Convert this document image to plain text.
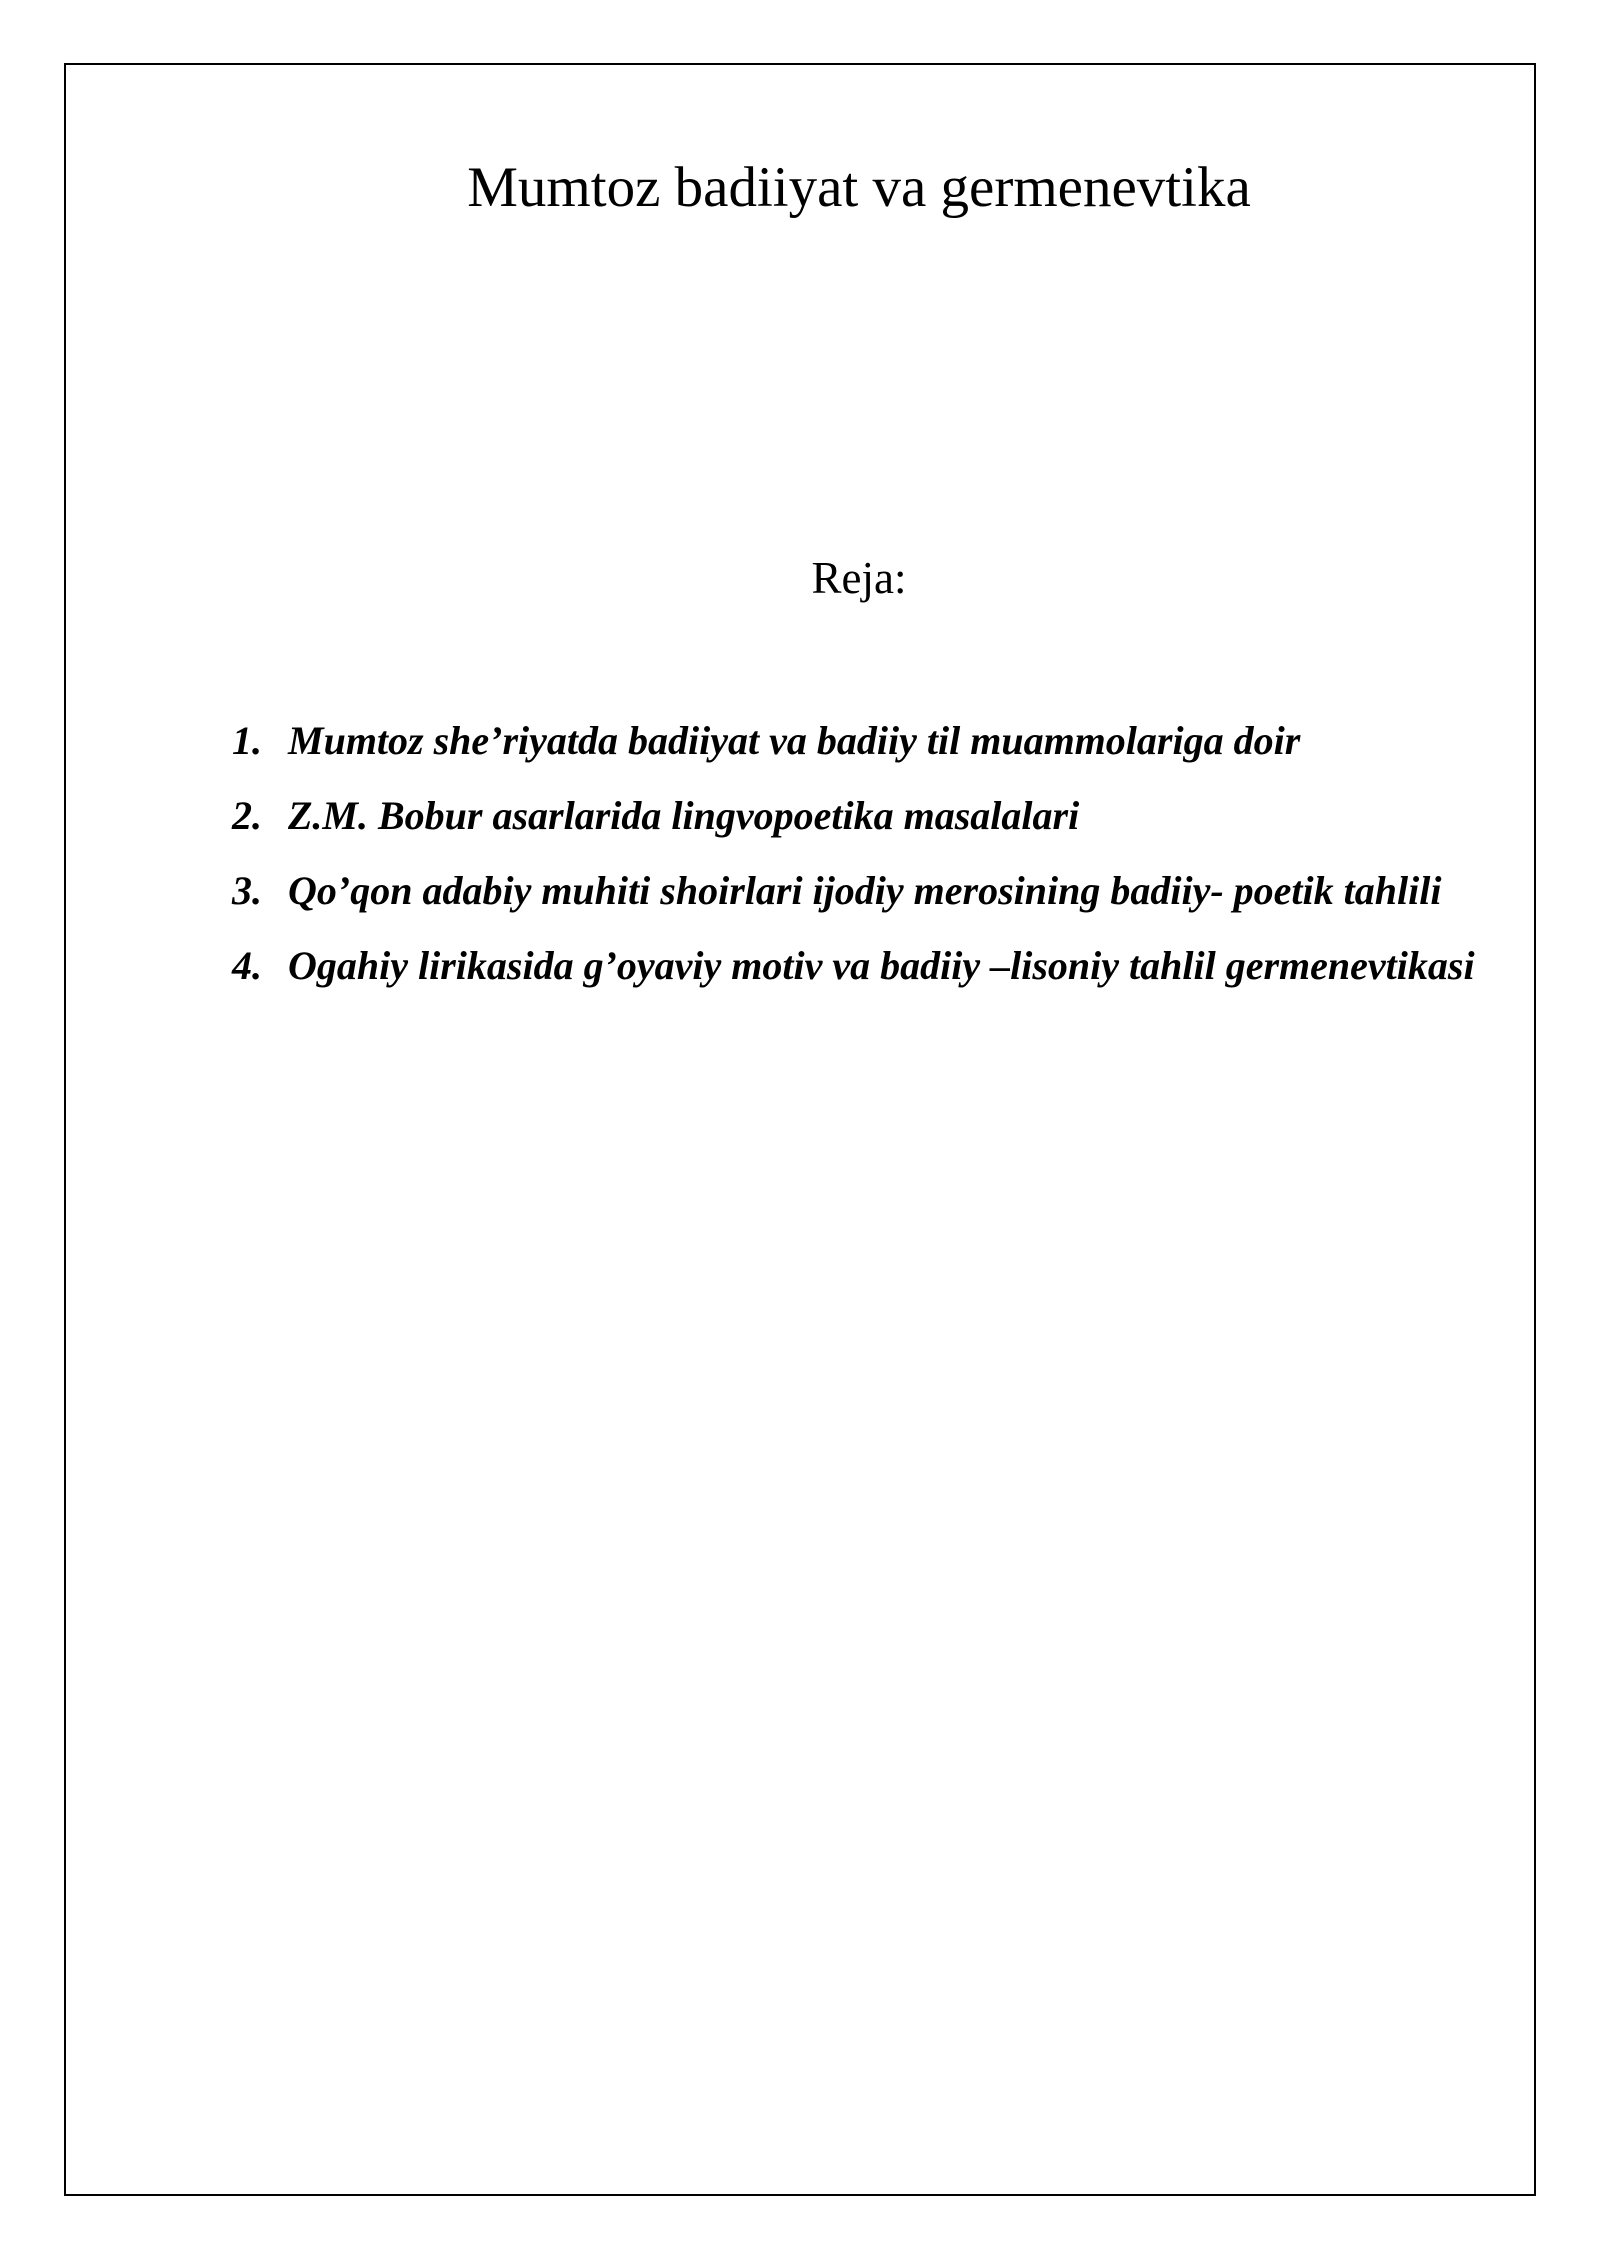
Mumtoz badiiyat va germenevtika
Reja:
1. Mumtoz she’riyatda badiiyat va badiiy til muammolariga doir
2. Z.M. Bobur asarlarida lingvopoetika masalalari
3. Qo’qon adabiy muhiti shoirlari ijodiy merosining badiiy- poetik tahlili
4. Ogahiy lirikasida g’oyaviy motiv va badiiy –lisoniy tahlil germenevtikasi
